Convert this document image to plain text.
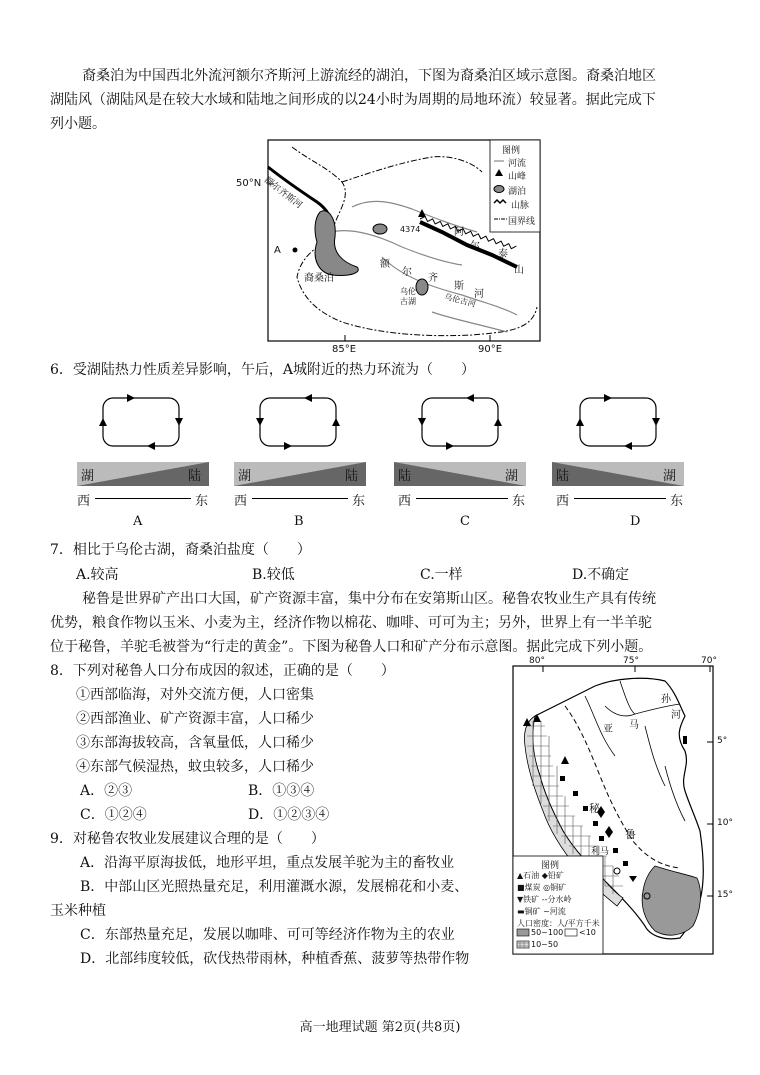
裔桑泊为中国西北外流河额尔齐斯河上游流经的湖泊，下图为裔桑泊区域示意图。裔桑泊地区
湖陆风（湖陆风是在较大水域和陆地之间形成的以24小时为周期的局地环流）较显著。据此完成下
列小题。
图例
河流
山峰
湖泊
山脉
国界线
50°N
85°E	90°E
额尔齐斯河
A
裔桑泊
4374
乌伦古湖	乌伦古河
阿
尔
泰
山
额
尔
齐
斯
河
6．受湖陆热力性质差异影响，午后，A城附近的热力环流为（　　）
湖	陆
西	东
A
湖	陆
西	东
B
陆	湖
西	东
C
陆	湖
西	东
D
7．相比于乌伦古湖，裔桑泊盐度（　　）
A.较高	B.较低	C.一样	D.不确定
秘鲁是世界矿产出口大国，矿产资源丰富，集中分布在安第斯山区。秘鲁农牧业生产具有传统
优势，粮食作物以玉米、小麦为主，经济作物以棉花、咖啡、可可为主；另外，世界上有一半羊驼
位于秘鲁，羊驼毛被誉为“行走的黄金”。下图为秘鲁人口和矿产分布示意图。据此完成下列小题。
8．下列对秘鲁人口分布成因的叙述，正确的是（　　）
①西部临海，对外交流方便，人口密集
②西部渔业、矿产资源丰富，人口稀少
③东部海拔较高，含氧量低，人口稀少
④东部气候湿热，蚊虫较多，人口稀少
A．②③	B．①③④
C．①②④	D．①②③④
9．对秘鲁农牧业发展建议合理的是（　　）
A．沿海平原海拔低，地形平坦，重点发展羊驼为主的畜牧业
B．中部山区光照热量充足，利用灌溉水源，发展棉花和小麦、
玉米种植
C．东部热量充足，发展以咖啡、可可等经济作物为主的农业
D．北部纬度较低，砍伐热带雨林，种植香蕉、菠萝等热带作物
80°	75°	70°
5°
10°
15°
亚 马
孙
河
秘
鲁
利马
图例
▲石油 ◆铅矿
■煤炭 ◎铜矿
▼铁矿 --分水岭
▬铜矿 ~河流
人口密度：人/平方千米
50~100 <10
10~50
高一地理试题 第2页(共8页)
